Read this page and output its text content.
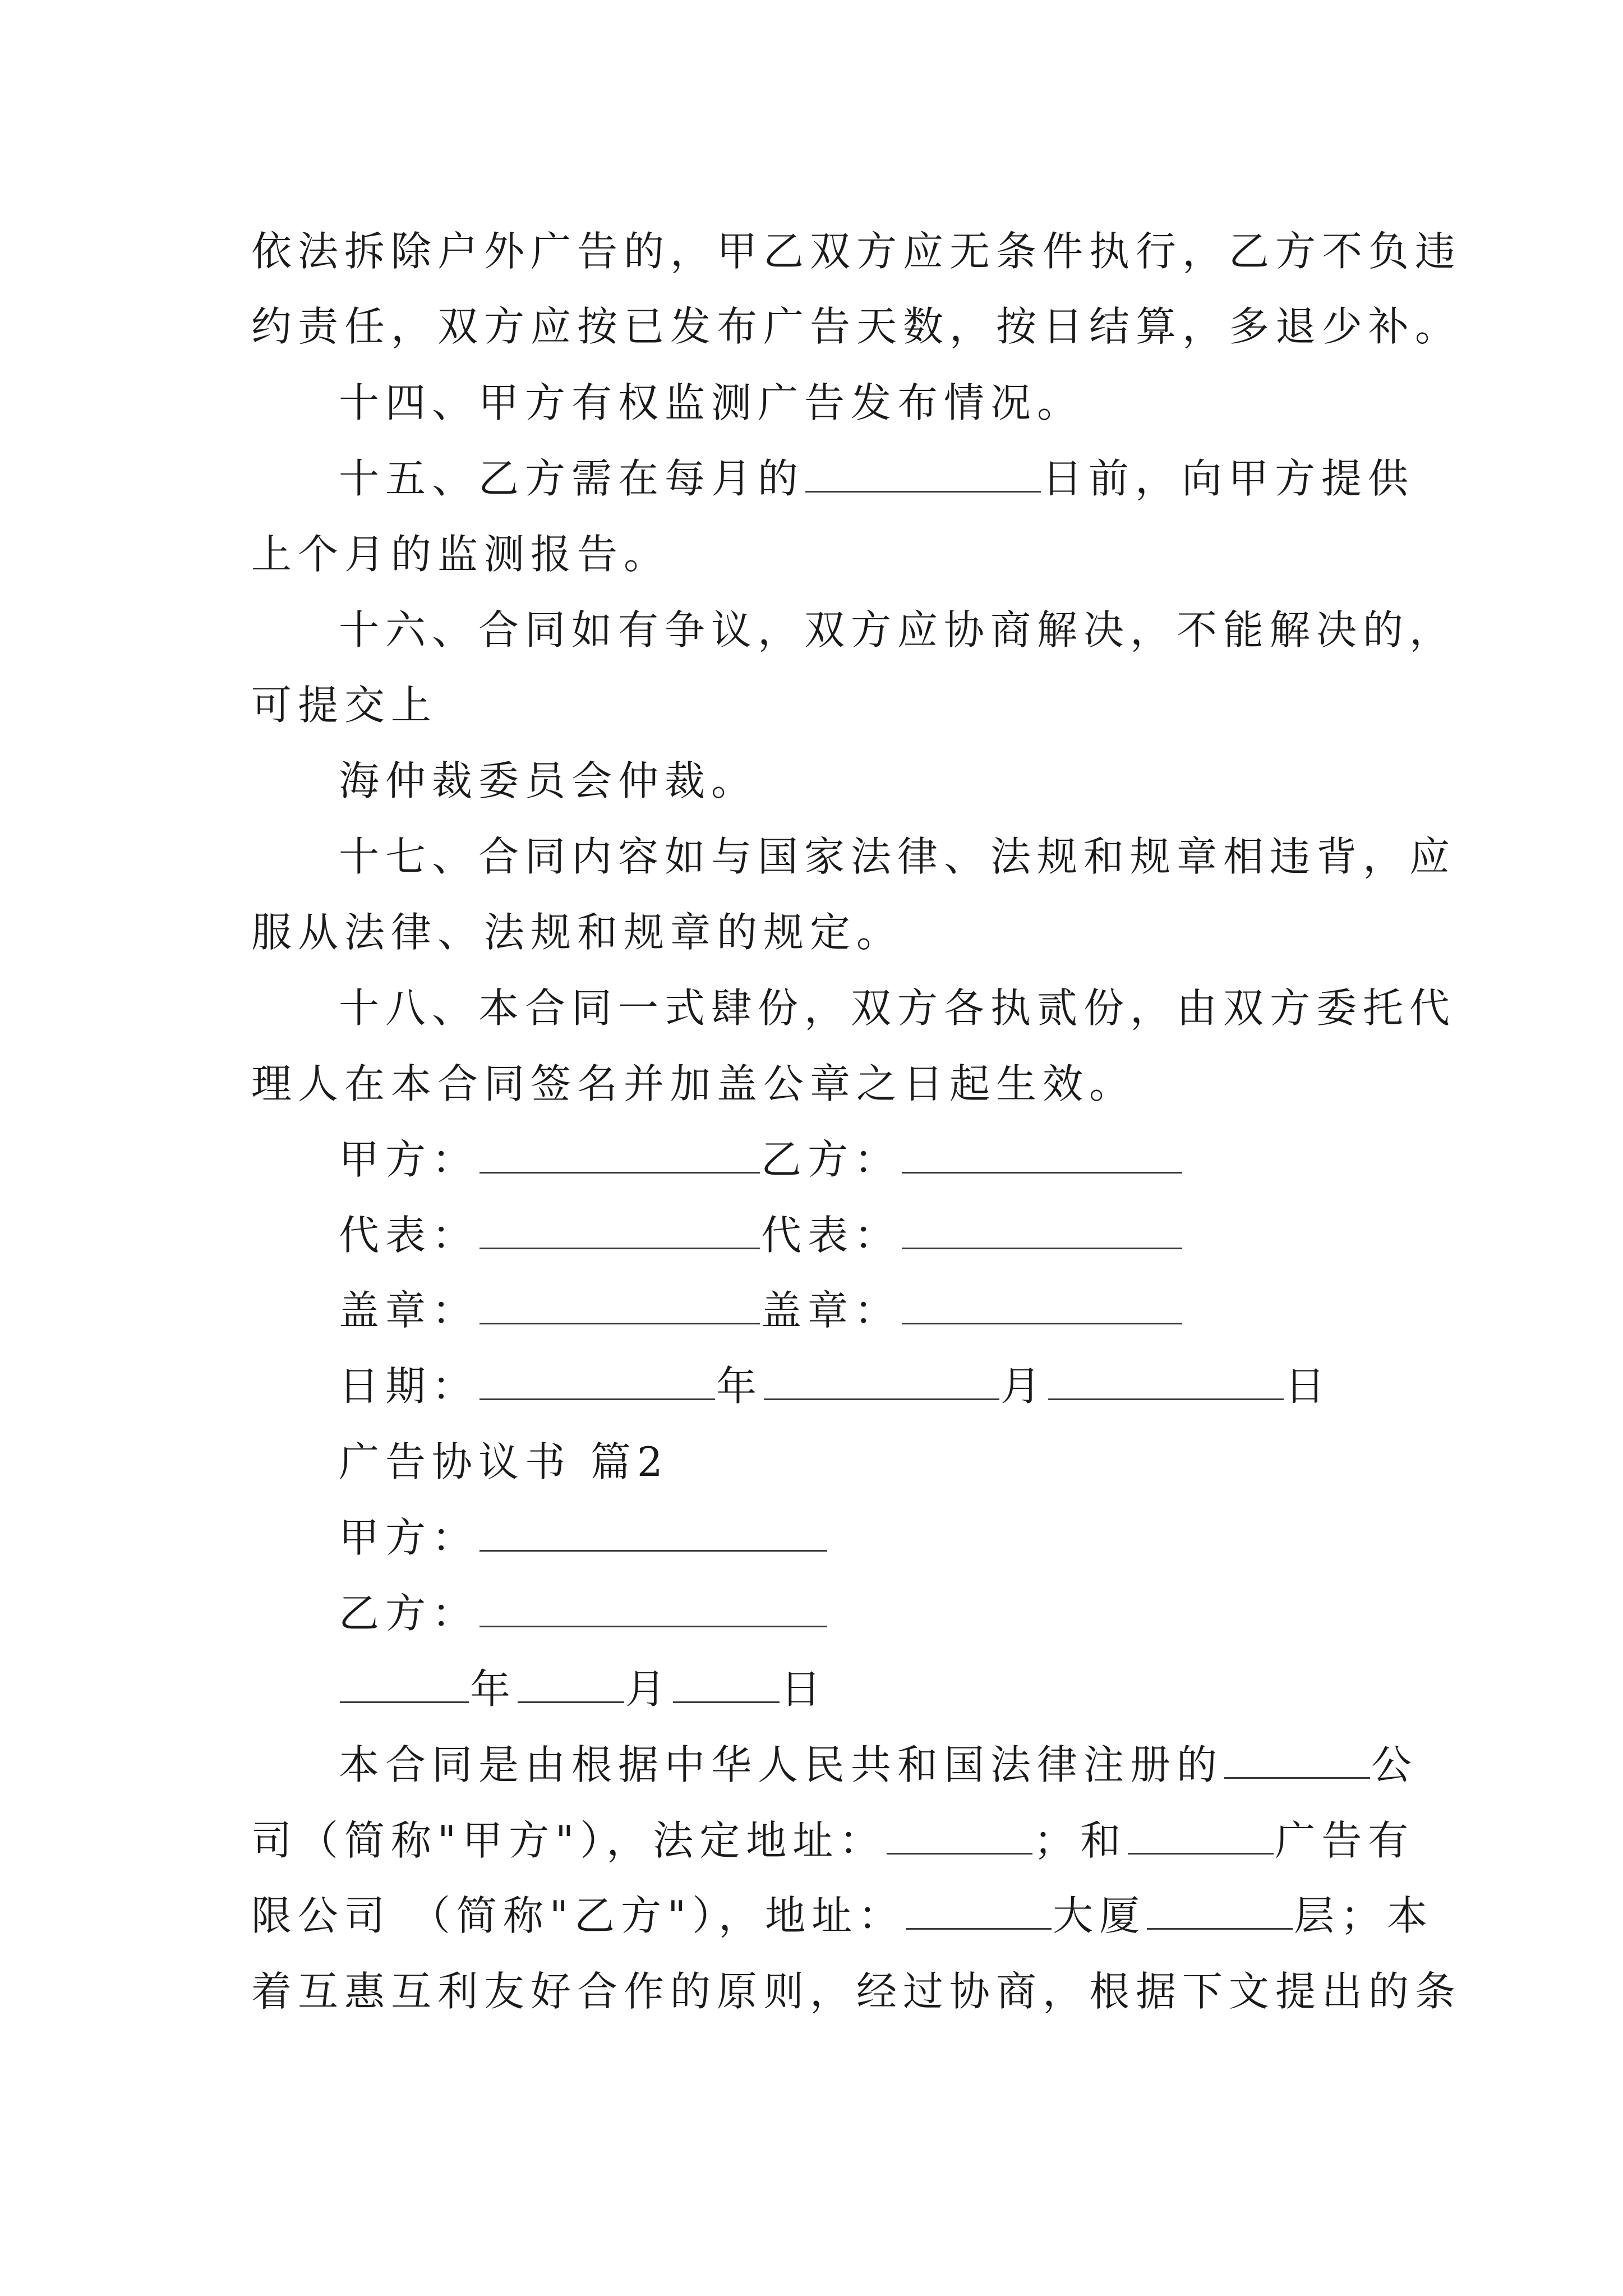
依法拆除户外广告的，甲乙双方应无条件执行，乙方不负违
约责任，双方应按已发布广告天数，按日结算，多退少补。
十四、甲方有权监测广告发布情况。
十五、乙方需在每月的	日前，向甲方提供
上个月的监测报告。
十六、合同如有争议，双方应协商解决，不能解决的，
可提交上
海仲裁委员会仲裁。
十七、合同内容如与国家法律、法规和规章相违背，应
服从法律、法规和规章的规定。
十八、本合同一式肆份，双方各执贰份，由双方委托代
理人在本合同签名并加盖公章之日起生效。
甲方：	乙方：
代表：	代表：
盖章：	盖章：
日期：	年	月	日
广告协议书 篇2
甲方：
乙方：
年	月	日
本合同是由根据中华人民共和国法律注册的	公
司（简称"甲方"），法定地址：	；和	广告有
限公司 （简称"乙方"），地址：	大厦	层；本
着互惠互利友好合作的原则，经过协商，根据下文提出的条
